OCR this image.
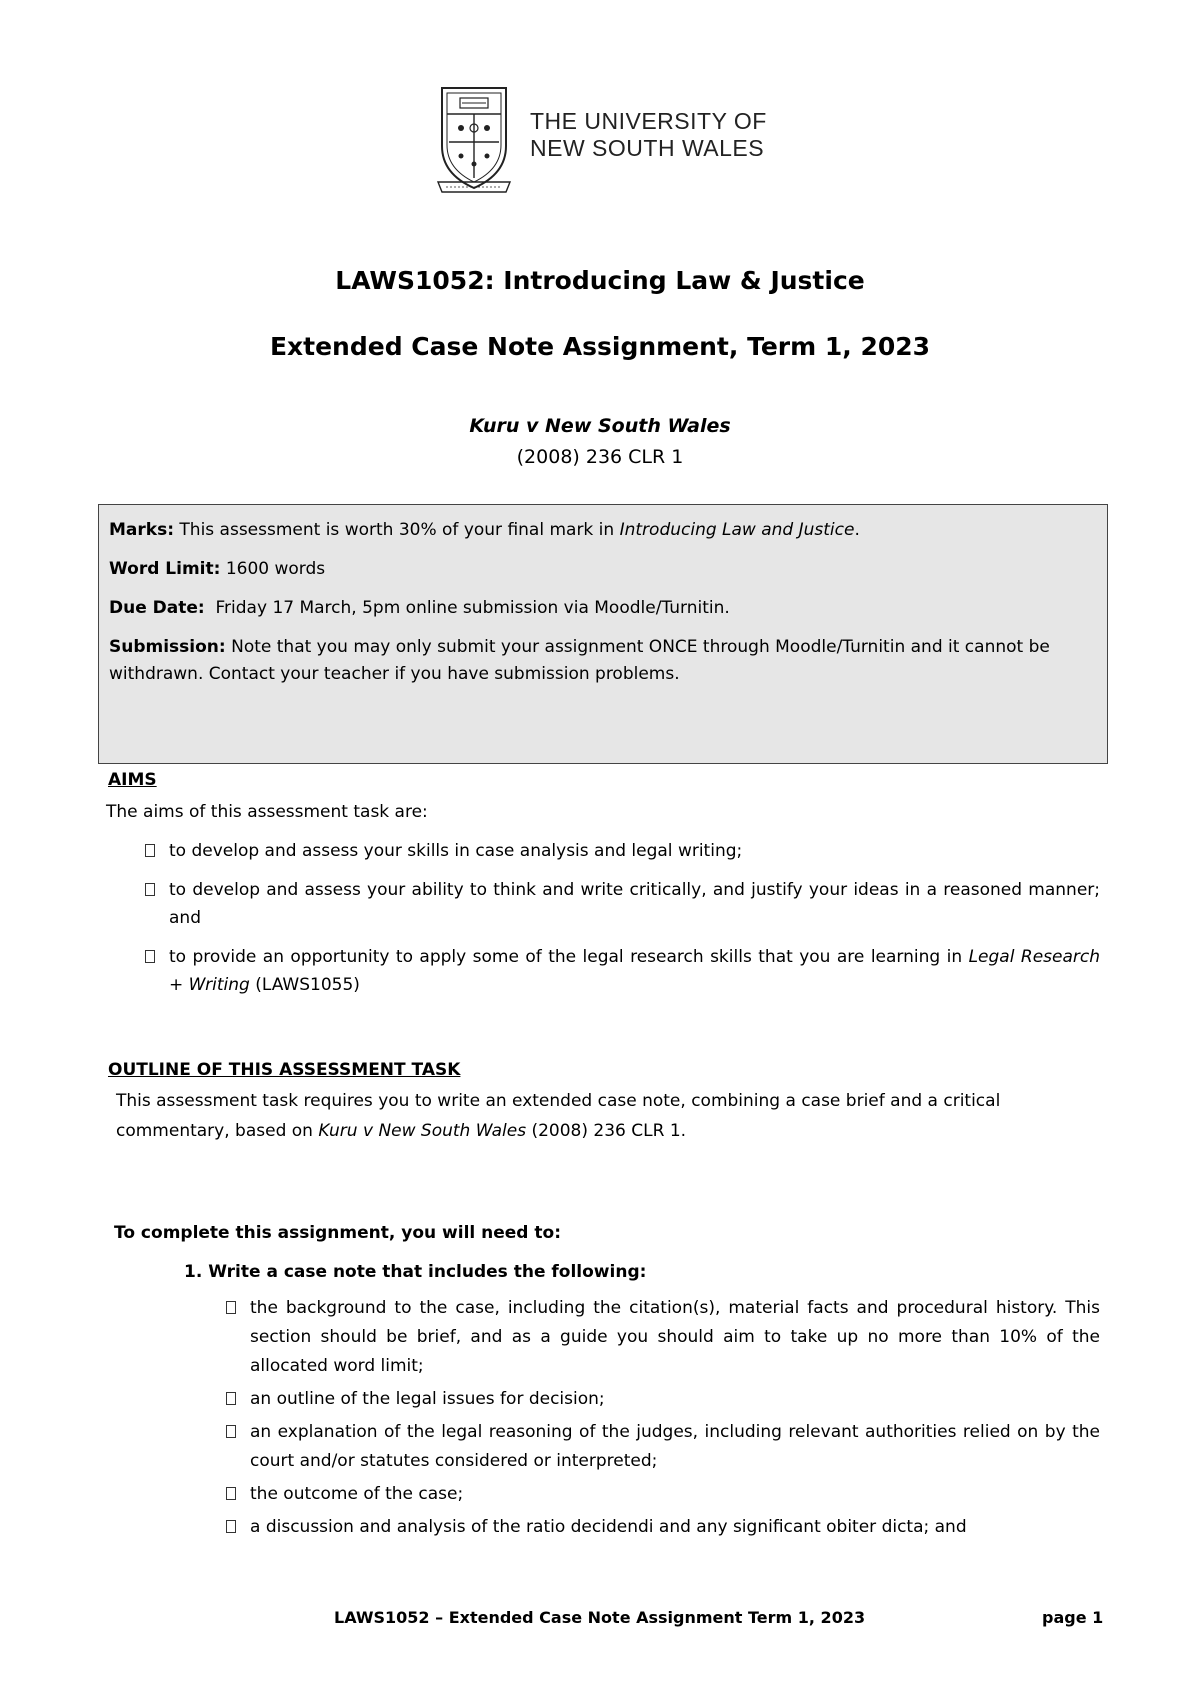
THE UNIVERSITY OF
NEW SOUTH WALES
LAWS1052: Introducing Law & Justice
Extended Case Note Assignment, Term 1, 2023
Kuru v New South Wales
(2008) 236 CLR 1

Marks: This assessment is worth 30% of your final mark in Introducing Law and Justice.

Word Limit: 1600 words

Due Date:  Friday 17 March, 5pm online submission via Moodle/Turnitin.

Submission: Note that you may only submit your assignment ONCE through Moodle/Turnitin and it cannot be withdrawn. Contact your teacher if you have submission problems.

AIMS
The aims of this assessment task are:
to develop and assess your skills in case analysis and legal writing;
to develop and assess your ability to think and write critically, and justify your ideas in a reasoned manner; and
to provide an opportunity to apply some of the legal research skills that you are learning in Legal Research + Writing (LAWS1055)
OUTLINE OF THIS ASSESSMENT TASK
This assessment task requires you to write an extended case note, combining a case brief and a critical commentary, based on Kuru v New South Wales (2008) 236 CLR 1.
To complete this assignment, you will need to:
1. Write a case note that includes the following:
the background to the case, including the citation(s), material facts and procedural history. This section should be brief, and as a guide you should aim to take up no more than 10% of the allocated word limit;
an outline of the legal issues for decision;
an explanation of the legal reasoning of the judges, including relevant authorities relied on by the court and/or statutes considered or interpreted;
the outcome of the case;
a discussion and analysis of the ratio decidendi and any significant obiter dicta; and
LAWS1052 – Extended Case Note Assignment Term 1, 2023	page 1
